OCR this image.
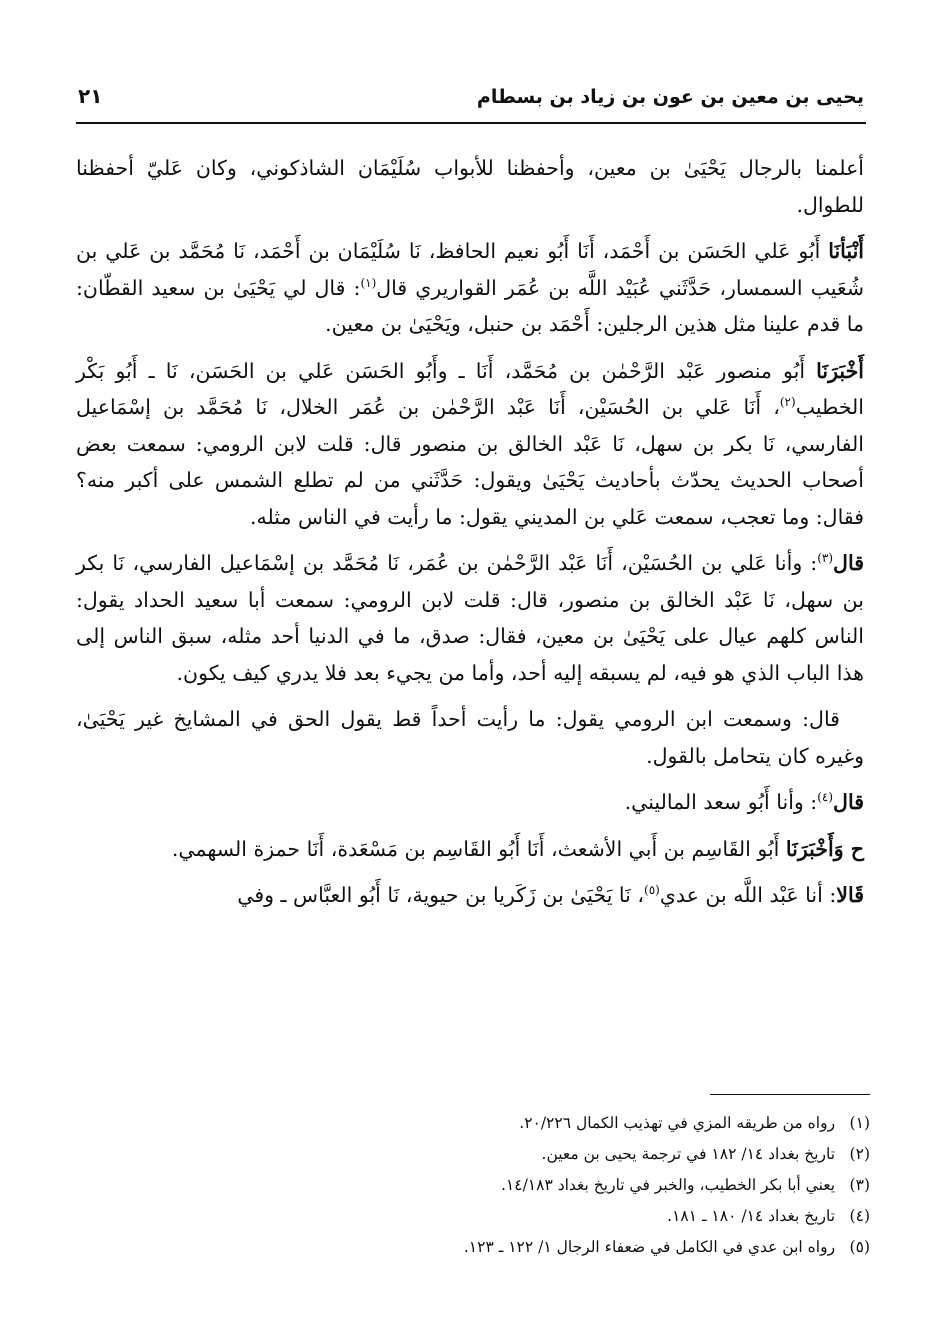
يحيى بن معين بن عون بن زياد بن بسطام
٢١

أعلمنا بالرجال يَحْيَىٰ بن معين، وأحفظنا للأبواب سُلَيْمَان الشاذكوني، وكان عَليّ أحفظنا للطوال.

أَنْبَأنَا أَبُو عَلي الحَسَن بن أَحْمَد، أَنَا أَبُو نعيم الحافظ، نَا سُلَيْمَان بن أَحْمَد، نَا مُحَمَّد بن عَلي بن شُعَيب السمسار، حَدَّثَني عُبَيْد اللَّه بن عُمَر القواريري قال$^{(١)}$: قال لي يَحْيَىٰ بن سعيد القطّان: ما قدم علينا مثل هذين الرجلين: أَحْمَد بن حنبل، ويَحْيَىٰ بن معين.

أَخْبَرَنَا أَبُو منصور عَبْد الرَّحْمٰن بن مُحَمَّد، أَنَا ـ وأَبُو الحَسَن عَلي بن الحَسَن، نَا ـ أَبُو بَكْر الخطيب$^{(٢)}$، أَنَا عَلي بن الحُسَيْن، أَنَا عَبْد الرَّحْمٰن بن عُمَر الخلال، نَا مُحَمَّد بن إسْمَاعيل الفارسي، نَا بكر بن سهل، نَا عَبْد الخالق بن منصور قال: قلت لابن الرومي: سمعت بعض أصحاب الحديث يحدّث بأحاديث يَحْيَىٰ ويقول: حَدَّثَني من لم تطلع الشمس على أكبر منه؟ فقال: وما تعجب، سمعت عَلي بن المديني يقول: ما رأيت في الناس مثله.

قال$^{(٣)}$: وأنا عَلي بن الحُسَيْن، أَنَا عَبْد الرَّحْمٰن بن عُمَر، نَا مُحَمَّد بن إسْمَاعيل الفارسي، نَا بكر بن سهل، نَا عَبْد الخالق بن منصور، قال: قلت لابن الرومي: سمعت أبا سعيد الحداد يقول: الناس كلهم عيال على يَحْيَىٰ بن معين، فقال: صدق، ما في الدنيا أحد مثله، سبق الناس إلى هذا الباب الذي هو فيه، لم يسبقه إليه أحد، وأما من يجيء بعد فلا يدري كيف يكون.

قال: وسمعت ابن الرومي يقول: ما رأيت أحداً قط يقول الحق في المشايخ غير يَحْيَىٰ، وغيره كان يتحامل بالقول.

قال$^{(٤)}$: وأنا أَبُو سعد الماليني.

ح وَأَخْبَرَنَا أَبُو القَاسِم بن أَبي الأشعث، أَنَا أَبُو القَاسِم بن مَسْعَدة، أَنَا حمزة السهمي.

قَالا: أنا عَبْد اللَّه بن عدي$^{(٥)}$، نَا يَحْيَىٰ بن زَكَريا بن حيوية، نَا أَبُو العبَّاس ـ وفي

(١) رواه من طريقه المزي في تهذيب الكمال ٢٠/٢٢٦.
(٢) تاريخ بغداد ١٤/ ١٨٢ في ترجمة يحيى بن معين.
(٣) يعني أبا بكر الخطيب، والخبر في تاريخ بغداد ١٤/١٨٣.
(٤) تاريخ بغداد ١٤/ ١٨٠ ـ ١٨١.
(٥) رواه ابن عدي في الكامل في ضعفاء الرجال ١/ ١٢٢ ـ ١٢٣.
